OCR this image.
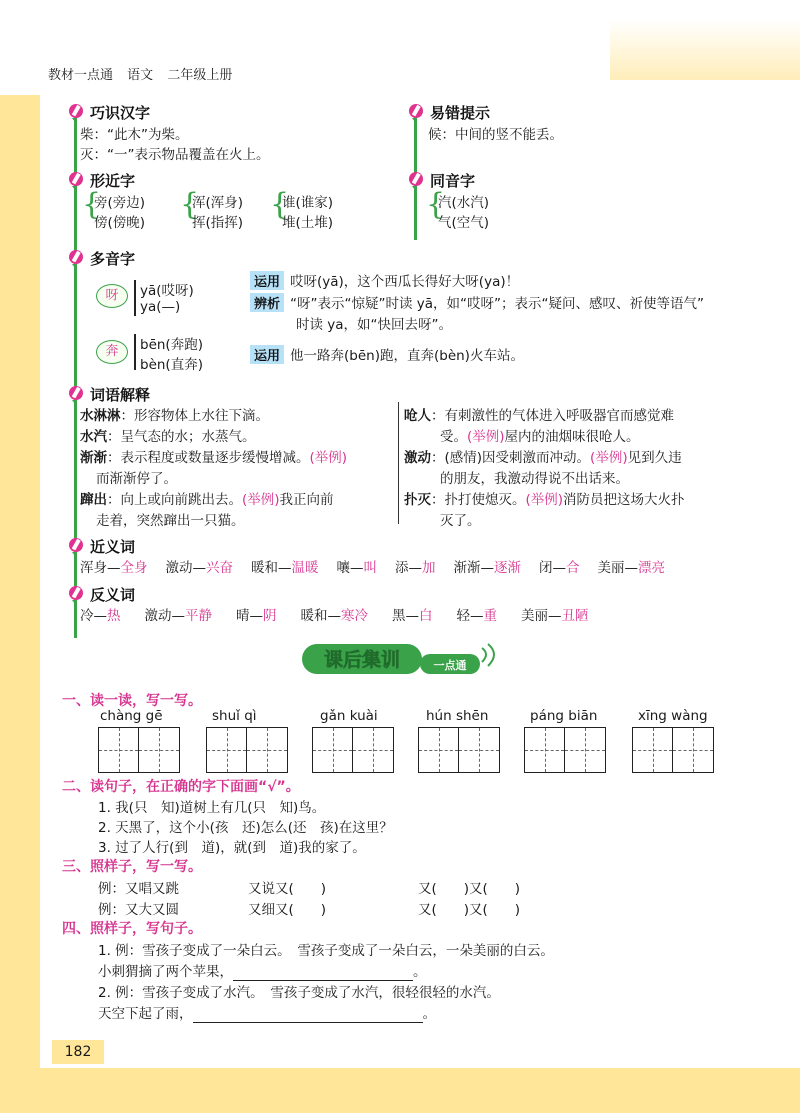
教材一点通 语文 二年级上册
巧识汉字
柴：“此木”为柴。
灭：“一”表示物品覆盖在火上。
易错提示
候：中间的竖不能丢。
形近字
{
旁(旁边)
傍(傍晚)
{
浑(浑身)
挥(指挥)
{
谁(谁家)
堆(土堆)
同音字
{
汽(水汽)
气(空气)
多音字
呀	yā(哎呀)
ya(—)
运用 哎呀(yā)，这个西瓜长得好大呀(ya)！
辨析 “呀”表示“惊疑”时读 yā，如“哎呀”；表示“疑问、感叹、祈使等语气”
时读 ya，如“快回去呀”。
奔	bēn(奔跑)
bèn(直奔)
运用 他一路奔(bēn)跑，直奔(bèn)火车站。
词语解释
水淋淋：形容物体上水往下滴。
水汽：呈气态的水；水蒸气。
渐渐：表示程度或数量逐步缓慢增减。(举例)
而渐渐停了。
蹿出：向上或向前跳出去。(举例)我正向前
走着，突然蹿出一只猫。
呛人：有刺激性的气体进入呼吸器官而感觉难
受。(举例)屋内的油烟味很呛人。
激动：(感情)因受刺激而冲动。(举例)见到久违
的朋友，我激动得说不出话来。
扑灭：扑打使熄灭。(举例)消防员把这场大火扑
灭了。
近义词
浑身—全身 激动—兴奋 暖和—温暖 嚷—叫 添—加 渐渐—逐渐 闭—合 美丽—漂亮
反义词
冷—热 激动—平静 晴—阴 暖和—寒冷 黑—白 轻—重 美丽—丑陋
课后集训	一点通
一、读一读，写一写。
chàng gē	shuǐ qì	gǎn kuài	hún shēn	páng biān	xīng wàng
二、读句子，在正确的字下面画“√”。
1. 我(只　知)道树上有几(只　知)鸟。
2. 天黑了，这个小(孩　还)怎么(还　孩)在这里？
3. 过了人行(到　道)，就(到　道)我的家了。
三、照样子，写一写。
例：又唱又跳	又说又(　　)	又(　　)又(　　)
例：又大又圆	又细又(　　)	又(　　)又(　　)
四、照样子，写句子。
1. 例：雪孩子变成了一朵白云。　雪孩子变成了一朵白云，一朵美丽的白云。
小刺猬摘了两个苹果，	。
2. 例：雪孩子变成了水汽。　雪孩子变成了水汽，很轻很轻的水汽。
天空下起了雨，	。
182
